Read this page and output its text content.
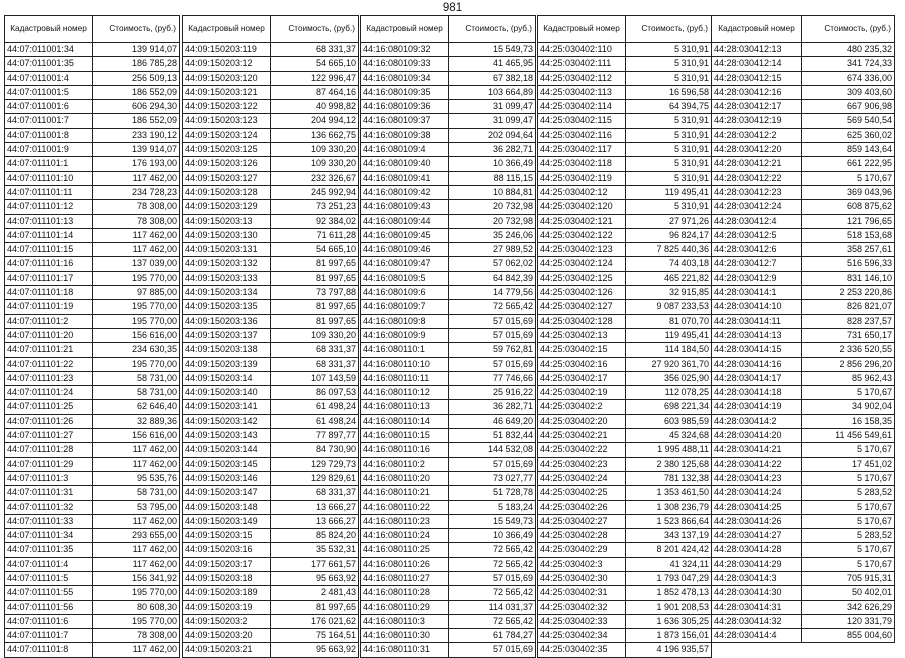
981
Кадастровый номер	Стоимость, (руб.)
44:07:011001:34	139 914,07
44:07:011001:35	186 785,28
44:07:011001:4	256 509,13
44:07:011001:5	186 552,09
44:07:011001:6	606 294,30
44:07:011001:7	186 552,09
44:07:011001:8	233 190,12
44:07:011001:9	139 914,07
44:07:011101:1	176 193,00
44:07:011101:10	117 462,00
44:07:011101:11	234 728,23
44:07:011101:12	78 308,00
44:07:011101:13	78 308,00
44:07:011101:14	117 462,00
44:07:011101:15	117 462,00
44:07:011101:16	137 039,00
44:07:011101:17	195 770,00
44:07:011101:18	97 885,00
44:07:011101:19	195 770,00
44:07:011101:2	195 770,00
44:07:011101:20	156 616,00
44:07:011101:21	234 630,35
44:07:011101:22	195 770,00
44:07:011101:23	58 731,00
44:07:011101:24	58 731,00
44:07:011101:25	62 646,40
44:07:011101:26	32 889,36
44:07:011101:27	156 616,00
44:07:011101:28	117 462,00
44:07:011101:29	117 462,00
44:07:011101:3	95 535,76
44:07:011101:31	58 731,00
44:07:011101:32	53 795,00
44:07:011101:33	117 462,00
44:07:011101:34	293 655,00
44:07:011101:35	117 462,00
44:07:011101:4	117 462,00
44:07:011101:5	156 341,92
44:07:011101:55	195 770,00
44:07:011101:56	80 608,30
44:07:011101:6	195 770,00
44:07:011101:7	78 308,00
44:07:011101:8	117 462,00
Кадастровый номер	Стоимость, (руб.)
44:09:150203:119	68 331,37
44:09:150203:12	54 665,10
44:09:150203:120	122 996,47
44:09:150203:121	87 464,16
44:09:150203:122	40 998,82
44:09:150203:123	204 994,12
44:09:150203:124	136 662,75
44:09:150203:125	109 330,20
44:09:150203:126	109 330,20
44:09:150203:127	232 326,67
44:09:150203:128	245 992,94
44:09:150203:129	73 251,23
44:09:150203:13	92 384,02
44:09:150203:130	71 611,28
44:09:150203:131	54 665,10
44:09:150203:132	81 997,65
44:09:150203:133	81 997,65
44:09:150203:134	73 797,88
44:09:150203:135	81 997,65
44:09:150203:136	81 997,65
44:09:150203:137	109 330,20
44:09:150203:138	68 331,37
44:09:150203:139	68 331,37
44:09:150203:14	107 143,59
44:09:150203:140	86 097,53
44:09:150203:141	61 498,24
44:09:150203:142	61 498,24
44:09:150203:143	77 897,77
44:09:150203:144	84 730,90
44:09:150203:145	129 729,73
44:09:150203:146	129 829,61
44:09:150203:147	68 331,37
44:09:150203:148	13 666,27
44:09:150203:149	13 666,27
44:09:150203:15	85 824,20
44:09:150203:16	35 532,31
44:09:150203:17	177 661,57
44:09:150203:18	95 663,92
44:09:150203:189	2 481,43
44:09:150203:19	81 997,65
44:09:150203:2	176 021,62
44:09:150203:20	75 164,51
44:09:150203:21	95 663,92
Кадастровый номер	Стоимость, (руб.)
44:16:080109:32	15 549,73
44:16:080109:33	41 465,95
44:16:080109:34	67 382,18
44:16:080109:35	103 664,89
44:16:080109:36	31 099,47
44:16:080109:37	31 099,47
44:16:080109:38	202 094,64
44:16:080109:4	36 282,71
44:16:080109:40	10 366,49
44:16:080109:41	88 115,15
44:16:080109:42	10 884,81
44:16:080109:43	20 732,98
44:16:080109:44	20 732,98
44:16:080109:45	35 246,06
44:16:080109:46	27 989,52
44:16:080109:47	57 062,02
44:16:080109:5	64 842,39
44:16:080109:6	14 779,56
44:16:080109:7	72 565,42
44:16:080109:8	57 015,69
44:16:080109:9	57 015,69
44:16:080110:1	59 762,81
44:16:080110:10	57 015,69
44:16:080110:11	77 746,66
44:16:080110:12	25 916,22
44:16:080110:13	36 282,71
44:16:080110:14	46 649,20
44:16:080110:15	51 832,44
44:16:080110:16	144 532,08
44:16:080110:2	57 015,69
44:16:080110:20	73 027,77
44:16:080110:21	51 728,78
44:16:080110:22	5 183,24
44:16:080110:23	15 549,73
44:16:080110:24	10 366,49
44:16:080110:25	72 565,42
44:16:080110:26	72 565,42
44:16:080110:27	57 015,69
44:16:080110:28	72 565,42
44:16:080110:29	114 031,37
44:16:080110:3	72 565,42
44:16:080110:30	61 784,27
44:16:080110:31	57 015,69
Кадастровый номер	Стоимость, (руб.)
44:25:030402:110	5 310,91
44:25:030402:111	5 310,91
44:25:030402:112	5 310,91
44:25:030402:113	16 596,58
44:25:030402:114	64 394,75
44:25:030402:115	5 310,91
44:25:030402:116	5 310,91
44:25:030402:117	5 310,91
44:25:030402:118	5 310,91
44:25:030402:119	5 310,91
44:25:030402:12	119 495,41
44:25:030402:120	5 310,91
44:25:030402:121	27 971,26
44:25:030402:122	96 824,17
44:25:030402:123	7 825 440,36
44:25:030402:124	74 403,18
44:25:030402:125	465 221,82
44:25:030402:126	32 915,85
44:25:030402:127	9 087 233,53
44:25:030402:128	81 070,70
44:25:030402:13	119 495,41
44:25:030402:15	114 184,50
44:25:030402:16	27 920 361,70
44:25:030402:17	356 025,90
44:25:030402:19	112 078,25
44:25:030402:2	698 221,34
44:25:030402:20	603 985,59
44:25:030402:21	45 324,68
44:25:030402:22	1 995 488,11
44:25:030402:23	2 380 125,68
44:25:030402:24	781 132,38
44:25:030402:25	1 353 461,50
44:25:030402:26	1 308 236,79
44:25:030402:27	1 523 866,64
44:25:030402:28	343 137,19
44:25:030402:29	8 201 424,42
44:25:030402:3	41 324,11
44:25:030402:30	1 793 047,29
44:25:030402:31	1 852 478,13
44:25:030402:32	1 901 208,53
44:25:030402:33	1 636 305,25
44:25:030402:34	1 873 156,01
44:25:030402:35	4 196 935,57
Кадастровый номер	Стоимость, (руб.)
44:28:030412:13	480 235,32
44:28:030412:14	341 724,33
44:28:030412:15	674 336,00
44:28:030412:16	309 403,60
44:28:030412:17	667 906,98
44:28:030412:19	569 540,54
44:28:030412:2	625 360,02
44:28:030412:20	859 143,64
44:28:030412:21	661 222,95
44:28:030412:22	5 170,67
44:28:030412:23	369 043,96
44:28:030412:24	608 875,62
44:28:030412:4	121 796,65
44:28:030412:5	518 153,68
44:28:030412:6	358 257,61
44:28:030412:7	516 596,33
44:28:030412:9	831 146,10
44:28:030414:1	2 253 220,86
44:28:030414:10	826 821,07
44:28:030414:11	828 237,57
44:28:030414:13	731 650,17
44:28:030414:15	2 336 520,55
44:28:030414:16	2 856 296,20
44:28:030414:17	85 962,43
44:28:030414:18	5 170,67
44:28:030414:19	34 902,04
44:28:030414:2	16 158,35
44:28:030414:20	11 456 549,61
44:28:030414:21	5 170,67
44:28:030414:22	17 451,02
44:28:030414:23	5 170,67
44:28:030414:24	5 283,52
44:28:030414:25	5 170,67
44:28:030414:26	5 170,67
44:28:030414:27	5 283,52
44:28:030414:28	5 170,67
44:28:030414:29	5 170,67
44:28:030414:3	705 915,31
44:28:030414:30	50 402,01
44:28:030414:31	342 626,29
44:28:030414:32	120 331,79
44:28:030414:4	855 004,60
